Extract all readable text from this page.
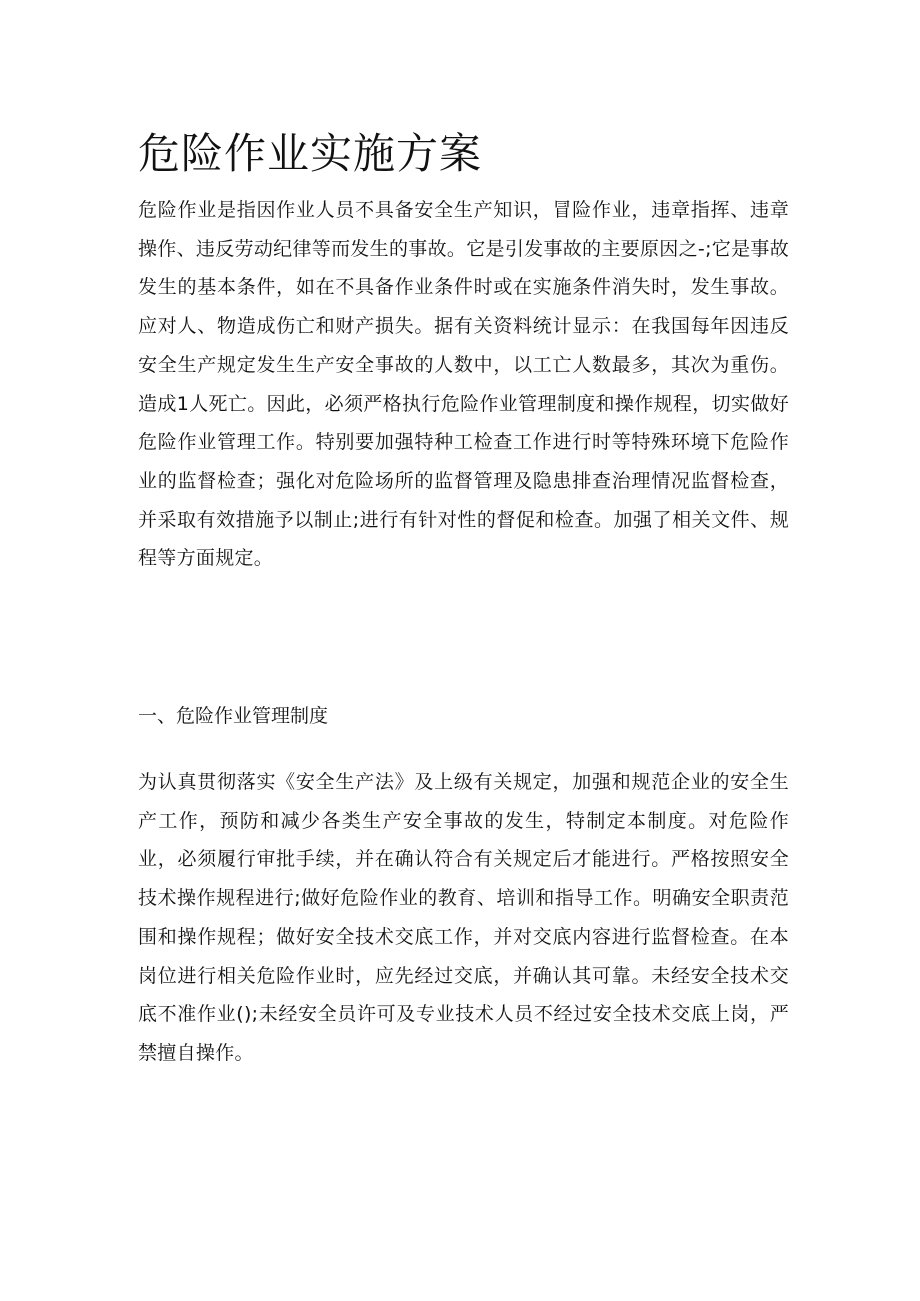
危险作业实施方案

危险作业是指因作业人员不具备安全生产知识，冒险作业，违章指挥、违章操作、违反劳动纪律等而发生的事故。它是引发事故的主要原因之-;它是事故发生的基本条件，如在不具备作业条件时或在实施条件消失时，发生事故。应对人、物造成伤亡和财产损失。据有关资料统计显示：在我国每年因违反安全生产规定发生生产安全事故的人数中，以工亡人数最多，其次为重伤。造成1人死亡。因此，必须严格执行危险作业管理制度和操作规程，切实做好危险作业管理工作。特别要加强特种工检查工作进行时等特殊环境下危险作业的监督检查；强化对危险场所的监督管理及隐患排查治理情况监督检查，并采取有效措施予以制止;进行有针对性的督促和检查。加强了相关文件、规程等方面规定。

一、危险作业管理制度

为认真贯彻落实《安全生产法》及上级有关规定，加强和规范企业的安全生产工作，预防和减少各类生产安全事故的发生，特制定本制度。对危险作业，必须履行审批手续，并在确认符合有关规定后才能进行。严格按照安全技术操作规程进行;做好危险作业的教育、培训和指导工作。明确安全职责范围和操作规程；做好安全技术交底工作，并对交底内容进行监督检查。在本岗位进行相关危险作业时，应先经过交底，并确认其可靠。未经安全技术交底不准作业();未经安全员许可及专业技术人员不经过安全技术交底上岗，严禁擅自操作。
